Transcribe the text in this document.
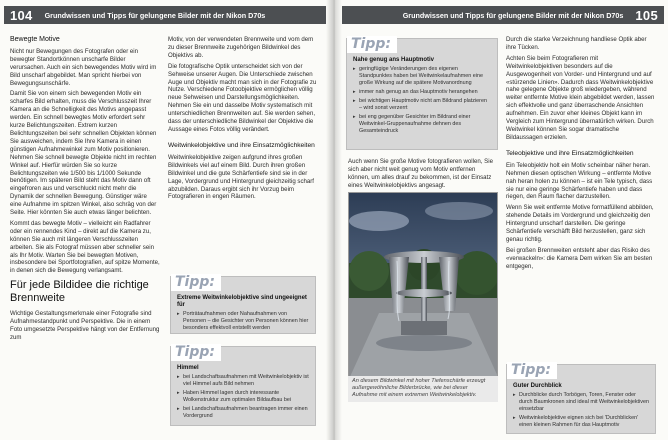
104	Grundwissen und Tipps für gelungene Bilder mit der Nikon D70s
Bewegte Motive

Nicht nur Bewegungen des Fotografen oder ein bewegter Standortkönnen unscharfe Bilder verursachen. Auch ein sich bewegendes Motiv wird im Bild unscharf abgebildet. Man spricht hierbei von Bewegungsunschärfe.

Damit Sie von einem sich bewegenden Motiv ein scharfes Bild erhalten, muss die Verschlusszeit Ihrer Kamera an die Schnelligkeit des Motivs angepasst werden. Ein schnell bewegtes Motiv erfordert sehr kurze Belichtungszeiten. Extrem kurzen Belichtungszeiten bei sehr schnellen Objekten können Sie ausweichen, indem Sie Ihre Kamera in einen günstigen Aufnahmewinkel zum Motiv positionieren. Nehmen Sie schnell bewegte Objekte nicht im rechten Winkel auf. Hierfür würden Sie so kurze Belichtungszeiten wie 1/500 bis 1/1000 Sekunde benötigen. Im späteren Bild steht das Motiv dann oft eingefroren aus und verschluckt nicht mehr die Dynamik der schnellen Bewegung. Günstiger wäre eine Aufnahme im spitzen Winkel, also schräg von der Seite. Hier könnten Sie auch etwas länger belichten.

Kommt das bewegte Motiv – vielleicht ein Radfahrer oder ein rennendes Kind – direkt auf die Kamera zu, können Sie auch mit längeren Verschlusszeiten arbeiten. Sie als Fotograf müssen aber schneller sein als Ihr Motiv. Warten Sie bei bewegten Motiven, insbesondere bei Sportfotografien, auf spitze Momente, in denen sich die Bewegung verlangsamt.

Für jede Bildidee die richtige Brennweite

Wichtige Gestaltungsmerkmale einer Fotografie sind Aufnahmestandpunkt und Perspektive. Die in einem Foto umgesetzte Perspektive hängt von der Entfernung zum

Motiv, von der verwendeten Brennweite und vom dem zu dieser Brennweite zugehörigen Bildwinkel des Objektivs ab.

Die fotografische Optik unterscheidet sich von der Sehweise unserer Augen. Die Unterschiede zwischen Auge und Objektiv macht man sich in der Fotografie zu Nutze. Verschiedene Fotoobjektive ermöglichen völlig neue Sehweisen und Darstellungsmöglichkeiten. Nehmen Sie ein und dasselbe Motiv systematisch mit unterschiedlichen Brennweiten auf. Sie werden sehen, dass der unterschiedliche Bildwinkel der Objektive die Aussage eines Fotos völlig verändert.

Weitwinkelobjektive und ihre Einsatzmöglichkeiten

Weitwinkelobjektive zeigen aufgrund ihres großen Bildwinkels viel auf einem Bild. Durch ihren großen Bildwinkel und die gute Schärfentiefe sind sie in der Lage, Vordergrund und Hintergrund gleichzeitig scharf abzubilden. Daraus ergibt sich ihr Vorzug beim Fotografieren in engen Räumen.

Tipp:
Extreme Weitwinkelobjektive sind ungeeignet für
▸ Porträtaufnahmen oder Nahaufnahmen von Personen – die Gesichter von Personen können hier besonders effektvoll entstellt werden
Tipp:
Himmel
▸ bei Landschaftsaufnahmen mit Weitwinkelobjektiv ist viel Himmel aufs Bild nehmen
▸ Haben Himmel lagen durch interessante Wolkenstruktur zum optimalen Bildaufbau bei
▸ bei Landschaftsaufnahmen beantragen immer einen Vordergrund
Grundwissen und Tipps für gelungene Bilder mit der Nikon D70s 105
Tipp:
Nahe genug ans Hauptmotiv
▸ geringfügige Veränderungen des eigenen Standpunktes haben bei Weitwinkelaufnahmen eine große Wirkung auf die spätere Motivanordnung
▸ immer nah genug an das Hauptmotiv herangehen
▸ bei wichtigen Hauptmotiv nicht am Bildrand platzieren – wird sonst verzerrt
▸ bei eng gegenüber Gesichter im Bildrand einer Weitwinkel-Gruppenaufnahme dehnen des Gesamteindruck

Auch wenn Sie große Motive fotografieren wollen, Sie sich aber nicht weit genug vom Motiv entfernen können, um alles drauf zu bekommen, ist der Einsatz eines Weitwinkelobjektivs angesagt.

An diesem Bildwinkel mit hoher Tiefenschärfe erzeugt außergewöhnliche Bilderbrücke, wie bei dieser Aufnahme mit einem extremen Weitwinkelobjektiv.

Durch die starke Verzeichnung handliese Optik aber ihre Tücken.

Achten Sie beim Fotografieren mit Weitwinkelobjektiven besonders auf die Ausgewogenheit von Vorder- und Hintergrund und auf «stürzende Linien». Dadurch dass Weitwinkelobjektive nahe gelegene Objekte groß wiedergeben, während weiter entfernte Motive klein abgebildet werden, lassen sich effektvolle und ganz überraschende Ansichten aufnehmen. Ein zuvor eher kleines Objekt kann im Vergleich zum Hintergrund übernatürlich wirken. Durch Weitwinkel können Sie sogar dramatische Bildaussagen erzielen.

Teleobjektive und ihre Einsatzmöglichkeiten

Ein Teleobjektiv holt ein Motiv scheinbar näher heran. Nehmen diesen optischen Wirkung – entfernte Motive nah heran holen zu können – ist ein Tele typisch, dass sie nur eine geringe Schärfentiefe haben und dass riegen, den Raum flacher darzustellen.

Wenn Sie weit entfernte Motive formatfüllend abbilden, stehende Details im Vordergrund und gleichzeitig den Hintergrund unscharf darstellen. Die geringe Schärfentiefe verschäfft Bild herzustellen, ganz sich genau richtig.

Bei großen Brennweiten entsteht aber das Risiko des «verwackeln»: die Kamera Dem wirken Sie am besten entgegen,

Tipp:
Guter Durchblick
▸ Durchblicke durch Torbögen, Toren, Fenster oder durch Baumkronen sind ideal mit Weitwinkelobjektiven einsetzbar
▸ Weitwinkelobjektive eignen sich bei 'Durchblicken' einen kleinen Rahmen für das Hauptmotiv
